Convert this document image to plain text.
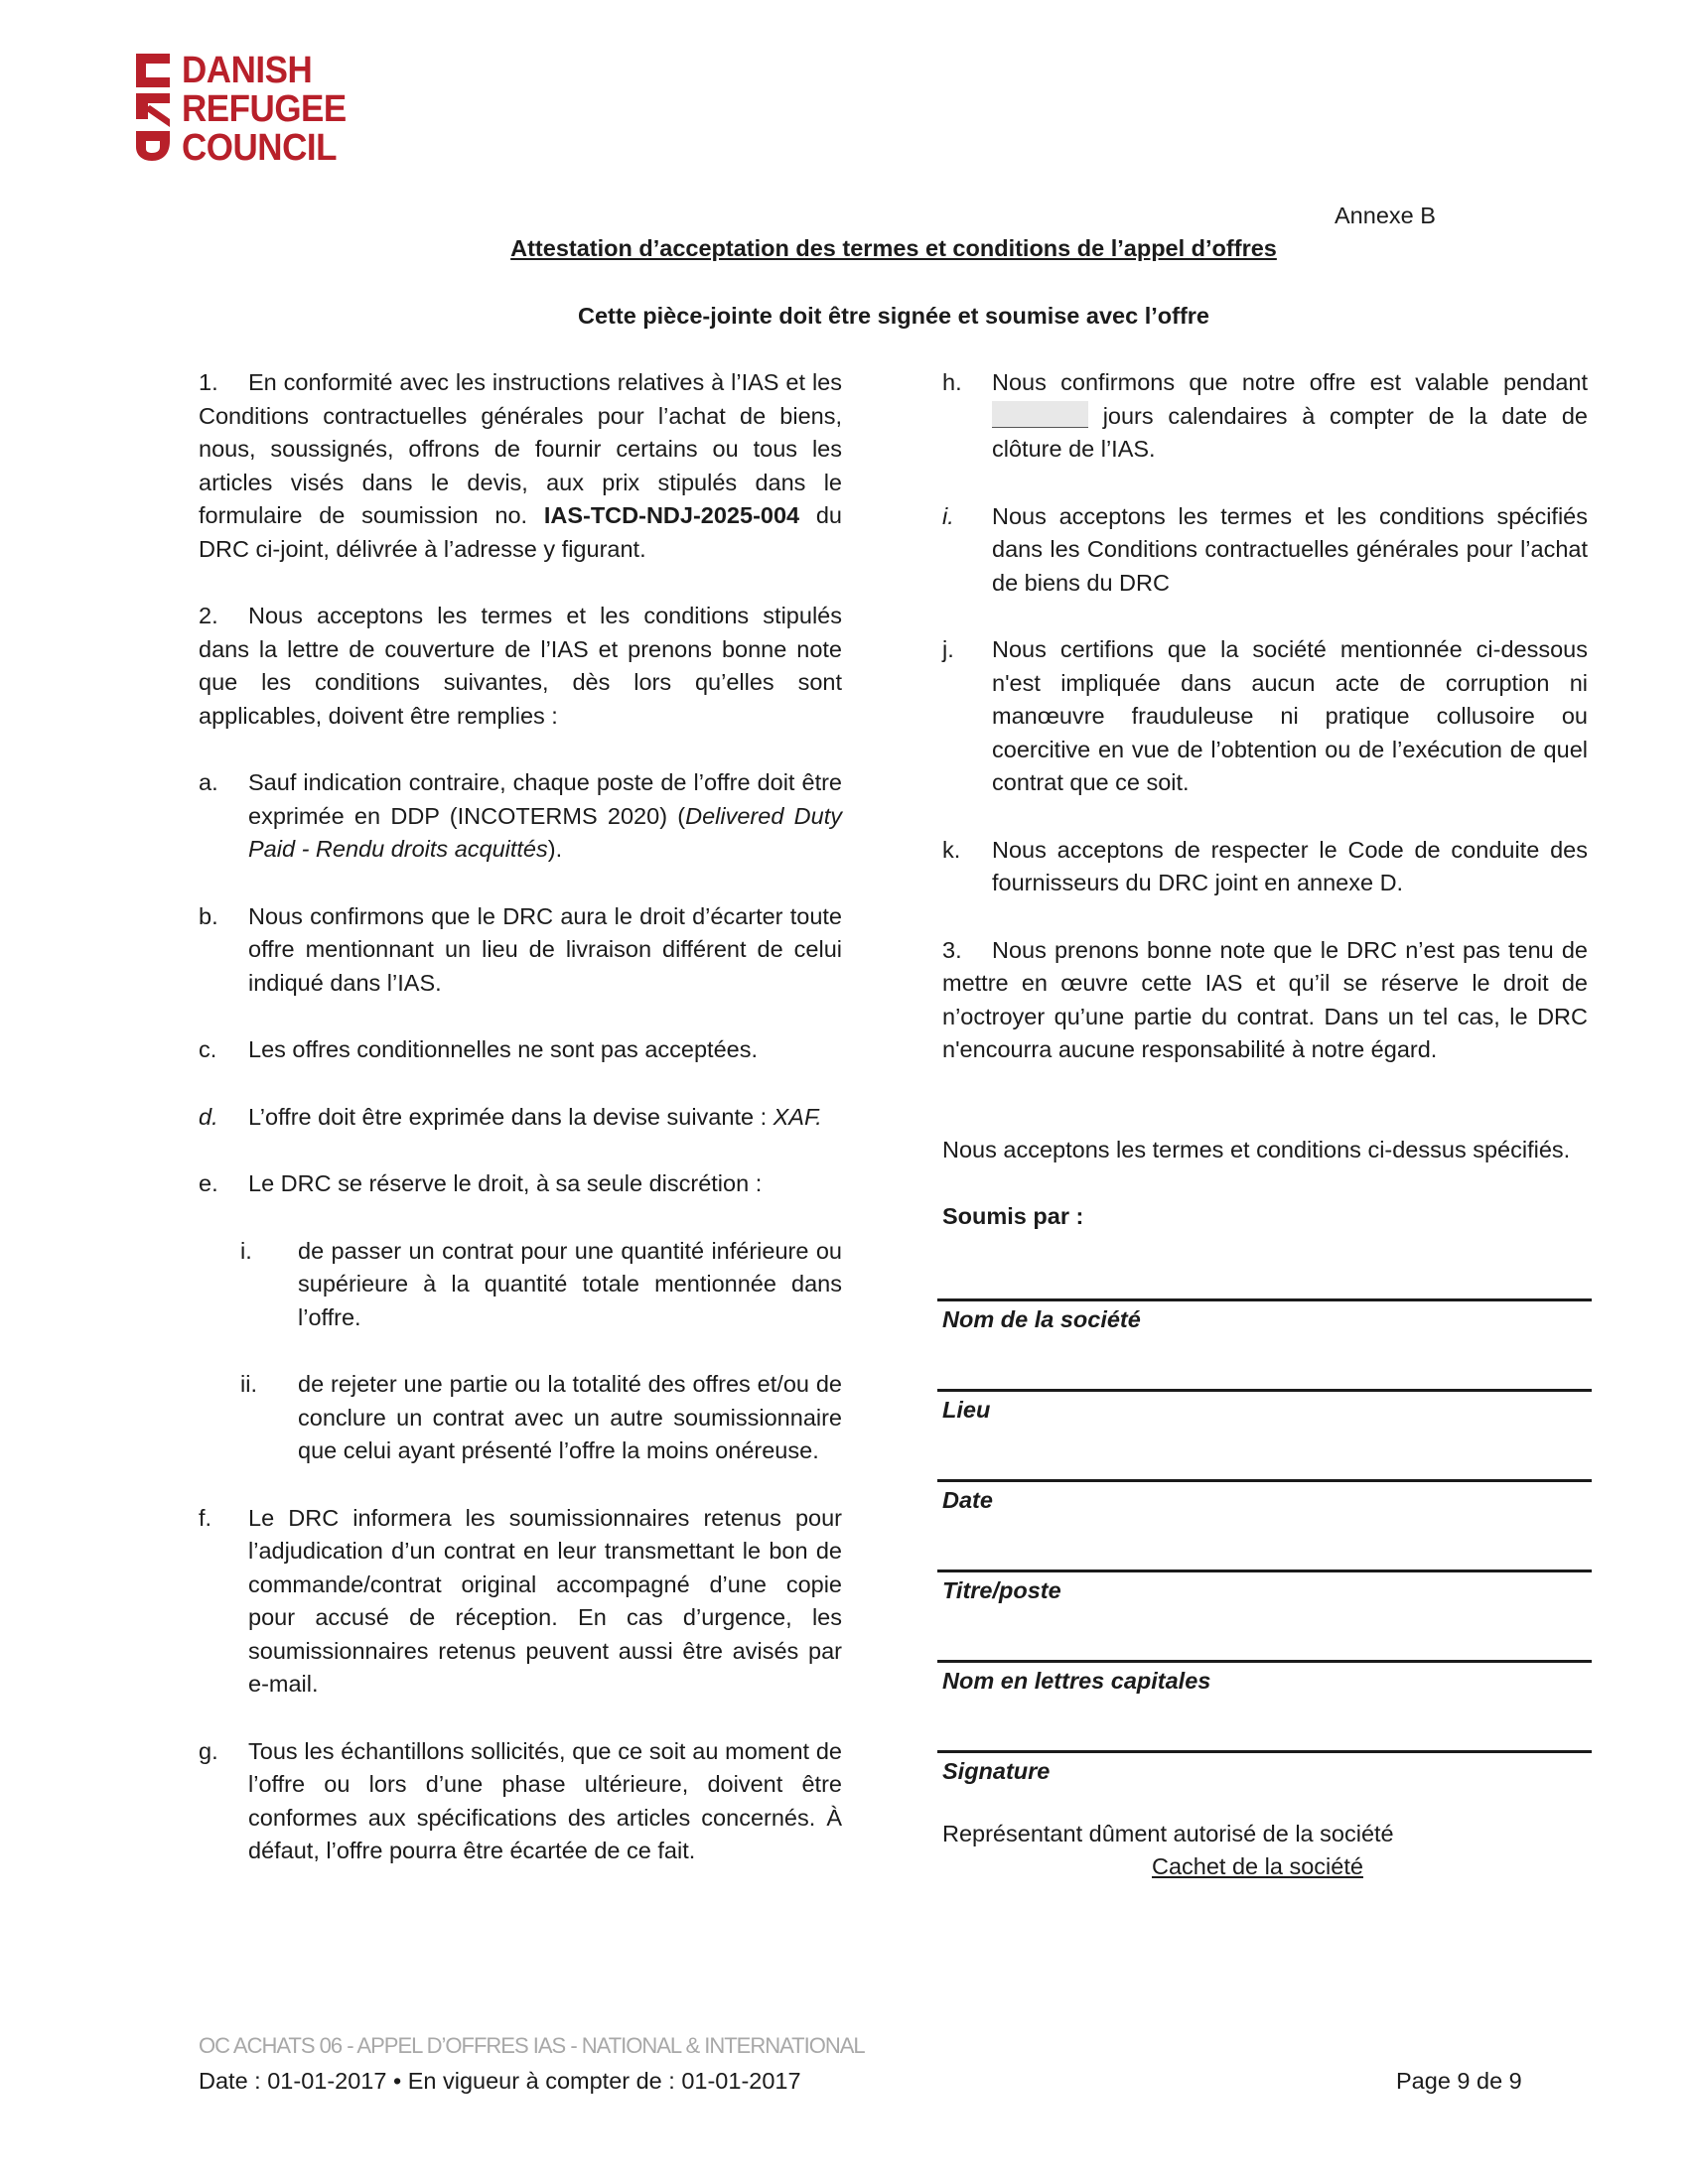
DANISH
REFUGEE
COUNCIL
Annexe B
Attestation d’acceptation des termes et conditions de l’appel d’offres
Cette pièce-jointe doit être signée et soumise avec l’offre

1. En conformité avec les instructions relatives à l’IAS et les Conditions contractuelles générales pour l’achat de biens, nous, soussignés, offrons de fournir certains ou tous les articles visés dans le devis, aux prix stipulés dans le formulaire de soumission no. IAS-TCD-NDJ-2025-004 du DRC ci-joint, délivrée à l’adresse y figurant.

2. Nous acceptons les termes et les conditions stipulés dans la lettre de couverture de l’IAS et prenons bonne note que les conditions suivantes, dès lors qu’elles sont applicables, doivent être remplies :

a. Sauf indication contraire, chaque poste de l’offre doit être exprimée en DDP (INCOTERMS 2020) (Delivered Duty Paid - Rendu droits acquittés).
b. Nous confirmons que le DRC aura le droit d’écarter toute offre mentionnant un lieu de livraison différent de celui indiqué dans l’IAS.
c. Les offres conditionnelles ne sont pas acceptées.
d. L’offre doit être exprimée dans la devise suivante : XAF.
e. Le DRC se réserve le droit, à sa seule discrétion :
i.	de passer un contrat pour une quantité inférieure ou supérieure à la quantité totale mentionnée dans l’offre.
ii.	de rejeter une partie ou la totalité des offres et/ou de conclure un contrat avec un autre soumissionnaire que celui ayant présenté l’offre la moins onéreuse.
f. Le DRC informera les soumissionnaires retenus pour l’adjudication d’un contrat en leur transmettant le bon de commande/contrat original accompagné d’une copie pour accusé de réception. En cas d’urgence, les soumissionnaires retenus peuvent aussi être avisés par e-mail.
g. Tous les échantillons sollicités, que ce soit au moment de l’offre ou lors d’une phase ultérieure, doivent être conformes aux spécifications des articles concernés. À défaut, l’offre pourra être écartée de ce fait.
h. Nous confirmons que notre offre est valable pendant  jours calendaires à compter de la date de clôture de l’IAS.
i. Nous acceptons les termes et les conditions spécifiés dans les Conditions contractuelles générales pour l’achat de biens du DRC
j. Nous certifions que la société mentionnée ci-dessous n'est impliquée dans aucun acte de corruption ni manœuvre frauduleuse ni pratique collusoire ou coercitive en vue de l’obtention ou de l’exécution de quel contrat que ce soit.
k. Nous acceptons de respecter le Code de conduite des fournisseurs du DRC joint en annexe D.

3. Nous prenons bonne note que le DRC n’est pas tenu de mettre en œuvre cette IAS et qu’il se réserve le droit de n’octroyer qu’une partie du contrat. Dans un tel cas, le DRC n'encourra aucune responsabilité à notre égard.

Nous acceptons les termes et conditions ci-dessus spécifiés.

Soumis par :
Nom de la société
Lieu
Date
Titre/poste
Nom en lettres capitales
Signature
Représentant dûment autorisé de la société
Cachet de la société
OC ACHATS 06 - APPEL D’OFFRES IAS - NATIONAL & INTERNATIONAL
Date : 01-01-2017 • En vigueur à compter de : 01-01-2017	Page 9 de 9
